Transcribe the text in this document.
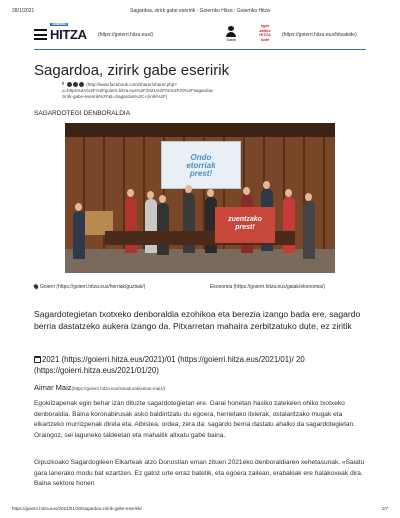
28/1/2021	Sagardoa, zirirk gabe eseririk - Goierriko Hitza : Goierriko Hitza
GOIERRIKO
HITZA (https://goierri.hitza.eus/)
Sarta
egin
zaitez
HITZA
kide
(https://goierri.hitza.eus/hitzakide)
Sagardoa, zirirk gabe eseririk
f	(http://www.facebook.com/sharer/sharer.php?
u=https%3A%2F%2Fgoierri.hitza.eus%2F2021%2F01%2F20%2Fsagardoa-
zirirk-gabe-eseririk%2F&t=Sagardoa%2C+zirirk%2F)
SAGARDOTEGI DENBORALDIA
Ondo
etorriak
prest!
zuentzako
prest!
Goierri (https://goierri.hitza.eus/herriak/guztiak/)	Ekonomia (https://goierri.hitza.eus/gaiak/ekonomia/)

Sagardotegietan txotxeko denboraldia ezohikoa eta berezia izango bada ere, sagardo berria dastatzeko aukera izango da. Pitxarretan mahaira zerbitzatuko dute, ez ziritik

2021 (https://goierri.hitza.eus/2021)/01 (https://goierri.hitza.eus/2021/01)/ 20 (https://goierri.hitza.eus/2021/01/20)
Aimar Maiz(https://goierri.hitza.eus/sinadurak/aimar-maiz/)

Egokitzapenak egin behar izan dituzte sagardotegietan ere. Garai honetan hasiko zatekeen ohiko txotxeko denboraldia. Baina koronabirusak asko baldintzatu du egoera, herrietako itxierak, ostalaritzako mugak eta elkartzeko murrizpenak direla eta. Albistea, ordea, zera da: sagardo berria dastatu ahalko da sagardotegietan. Oraingoz, sei laguneko taldeetan eta mahaitik altxatu gabe baina.

Gipuzkoako Sagardogileen Elkarteak atzo Donostian eman zituen 2021eko denboraldiaren xehetasunak. «Saiatu gara lanerako modu bat ezartzen. Ez gatoz urte erraz batetik, eta egoera zailean, erabakiak ere halakoxeak dira. Baina sektore honen

https://goierri.hitza.eus/2021/01/20/sagardoa-ziririk-gabe-eseririk/	1/7
